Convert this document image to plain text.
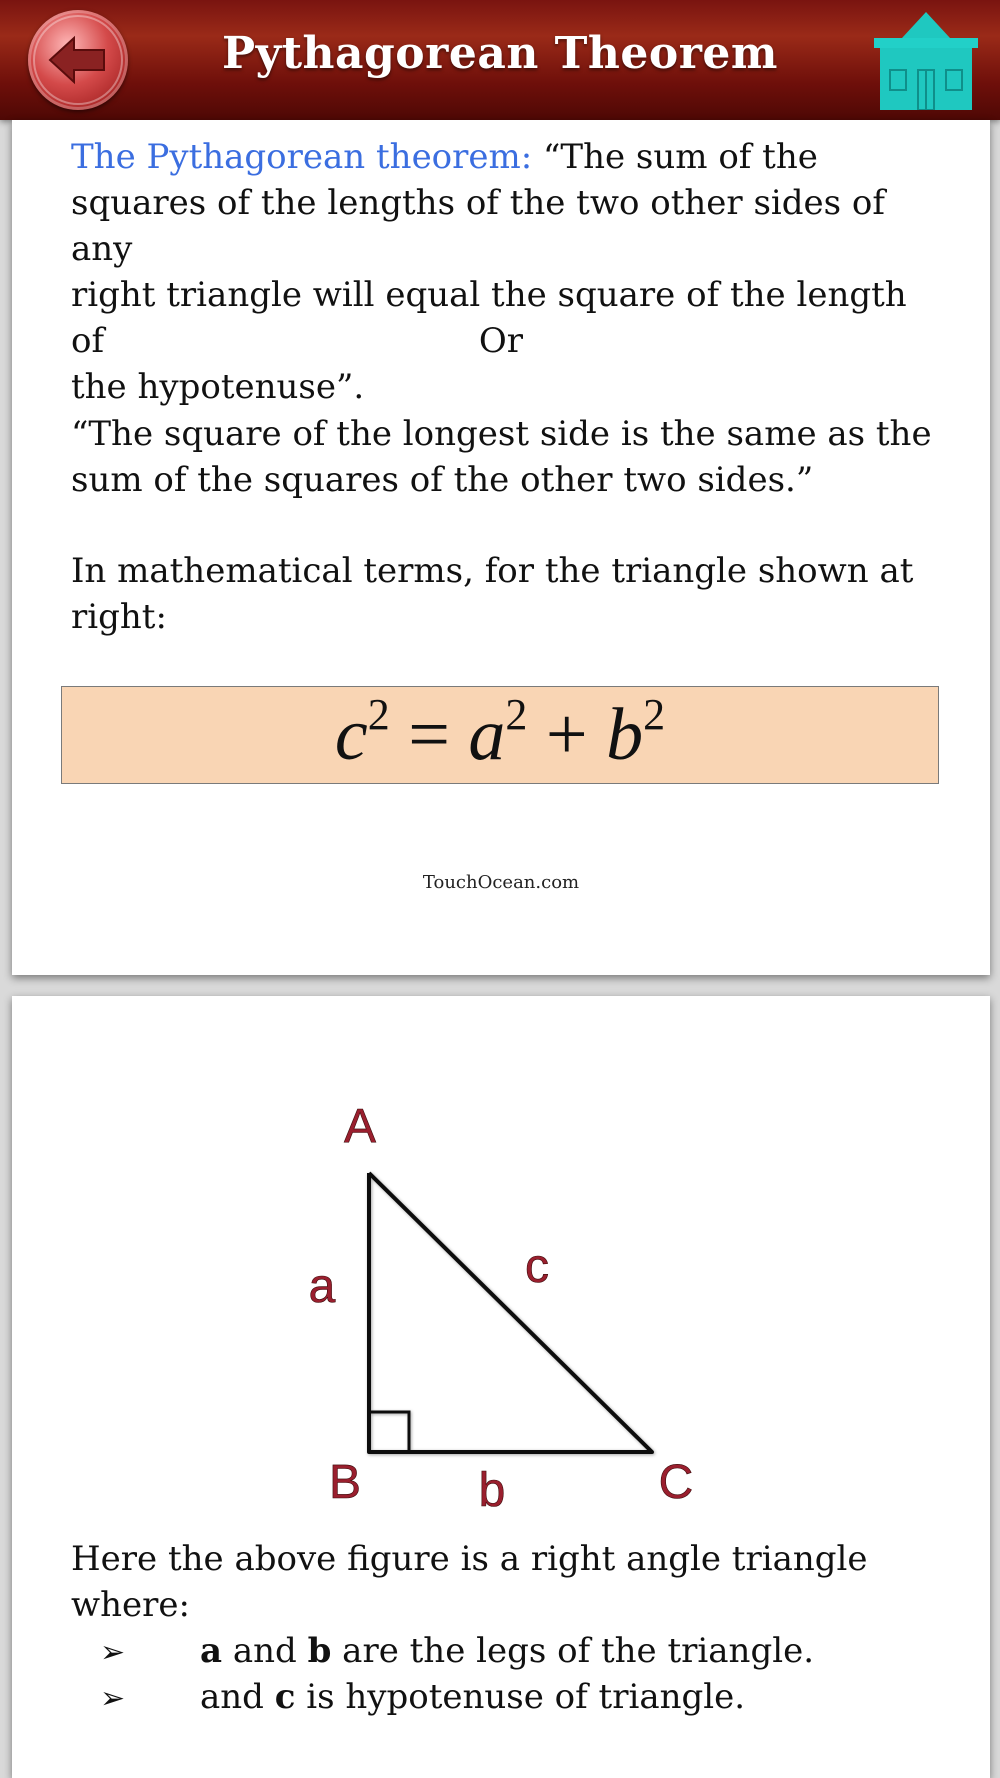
Pythagorean Theorem
The Pythagorean theorem: “The sum of the
squares of the lengths of the two other sides of any
right triangle will equal the square of the length of
the hypotenuse”.
Or
“The square of the longest side is the same as the
sum of the squares of the other two sides.”
In mathematical terms, for the triangle shown at
right:
$c^2 = a^2 + b^2$
TouchOcean.com
A
B	C
a
b
c
Here the above figure is a right angle triangle
where:
➢ a and b are the legs of the triangle.
➢ and c is hypotenuse of triangle.
